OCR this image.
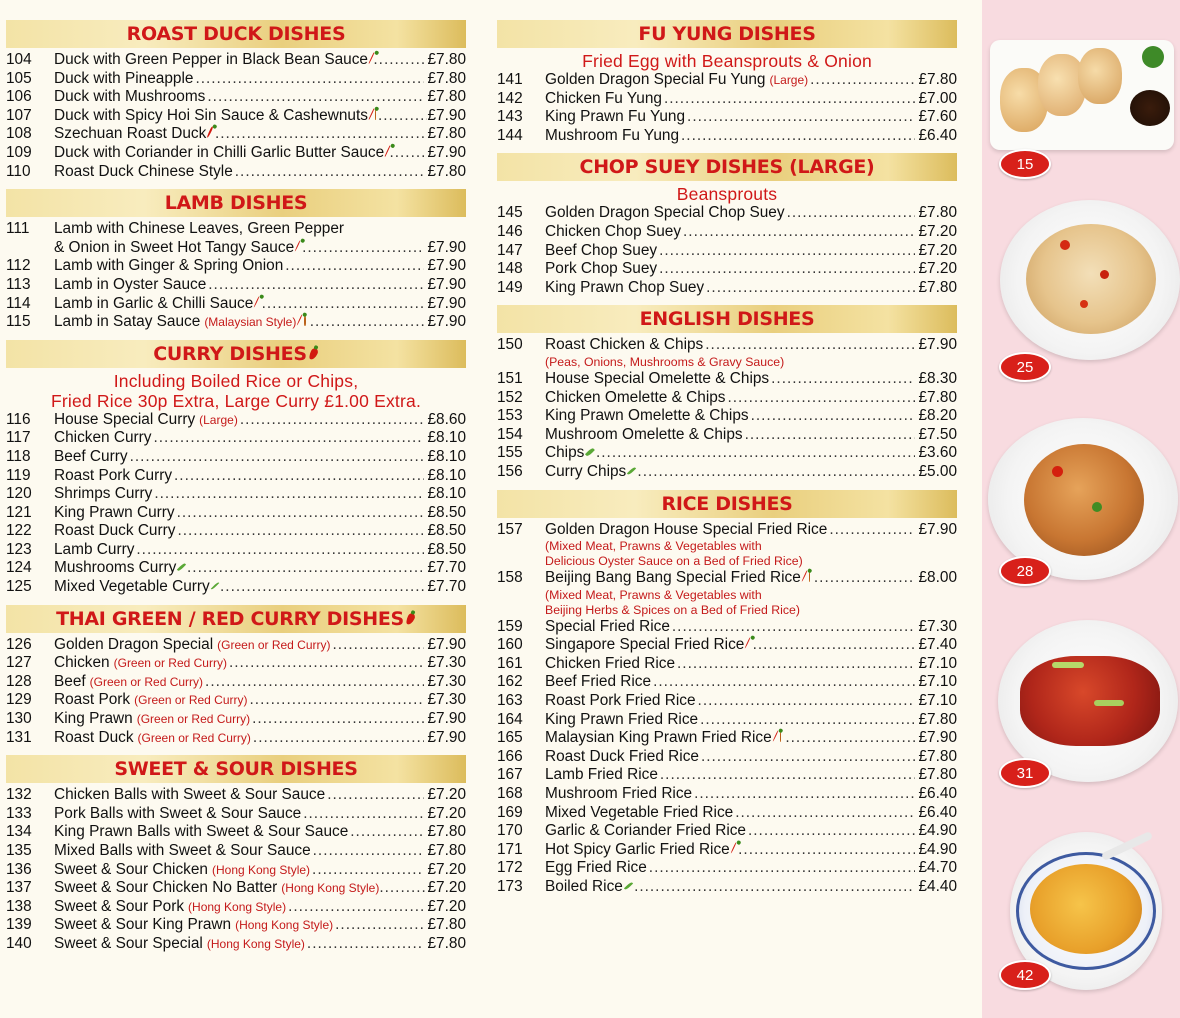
ROAST DUCK DISHES
104	Duck with Green Pepper in Black Bean Sauce .....	£7.80
105	Duck with Pineapple .....	£7.80
106	Duck with Mushrooms .....	£7.80
107	Duck with Spicy Hoi Sin Sauce & Cashewnuts .....	£7.90
108	Szechuan Roast Duck .....	£7.80
109	Duck with Coriander in Chilli Garlic Butter Sauce .....	£7.90
110	Roast Duck Chinese Style .....	£7.80
LAMB DISHES
111	Lamb with Chinese Leaves, Green Pepper
& Onion in Sweet Hot Tangy Sauce .....	£7.90
112	Lamb with Ginger & Spring Onion .....	£7.90
113	Lamb in Oyster Sauce .....	£7.90
114	Lamb in Garlic & Chilli Sauce .....	£7.90
115	Lamb in Satay Sauce (Malaysian Style) .....	£7.90
CURRY DISHES
Including Boiled Rice or Chips,
Fried Rice 30p Extra, Large Curry £1.00 Extra.
116	House Special Curry (Large) .....	£8.60
117	Chicken Curry .....	£8.10
118	Beef Curry .....	£8.10
119	Roast Pork Curry .....	£8.10
120	Shrimps Curry .....	£8.10
121	King Prawn Curry .....	£8.50
122	Roast Duck Curry .....	£8.50
123	Lamb Curry .....	£8.50
124	Mushrooms Curry .....	£7.70
125	Mixed Vegetable Curry .....	£7.70
THAI GREEN / RED CURRY DISHES
126	Golden Dragon Special (Green or Red Curry) .....	£7.90
127	Chicken (Green or Red Curry) .....	£7.30
128	Beef (Green or Red Curry) .....	£7.30
129	Roast Pork (Green or Red Curry) .....	£7.30
130	King Prawn (Green or Red Curry) .....	£7.90
131	Roast Duck (Green or Red Curry) .....	£7.90
SWEET & SOUR DISHES
132	Chicken Balls with Sweet & Sour Sauce .....	£7.20
133	Pork Balls with Sweet & Sour Sauce .....	£7.20
134	King Prawn Balls with Sweet & Sour Sauce .....	£7.80
135	Mixed Balls with Sweet & Sour Sauce .....	£7.80
136	Sweet & Sour Chicken (Hong Kong Style) .....	£7.20
137	Sweet & Sour Chicken No Batter (Hong Kong Style) .....	£7.20
138	Sweet & Sour Pork (Hong Kong Style) .....	£7.20
139	Sweet & Sour King Prawn (Hong Kong Style) .....	£7.80
140	Sweet & Sour Special (Hong Kong Style) .....	£7.80
FU YUNG DISHES
Fried Egg with Beansprouts & Onion
141	Golden Dragon Special Fu Yung (Large) .....	£7.80
142	Chicken Fu Yung .....	£7.00
143	King Prawn Fu Yung .....	£7.60
144	Mushroom Fu Yung .....	£6.40
CHOP SUEY DISHES (LARGE)
Beansprouts
145	Golden Dragon Special Chop Suey .....	£7.80
146	Chicken Chop Suey .....	£7.20
147	Beef Chop Suey .....	£7.20
148	Pork Chop Suey .....	£7.20
149	King Prawn Chop Suey .....	£7.80
ENGLISH DISHES
150	Roast Chicken & Chips .....	£7.90
(Peas, Onions, Mushrooms & Gravy Sauce)
151	House Special Omelette & Chips .....	£8.30
152	Chicken Omelette & Chips .....	£7.80
153	King Prawn Omelette & Chips .....	£8.20
154	Mushroom Omelette & Chips .....	£7.50
155	Chips .....	£3.60
156	Curry Chips .....	£5.00
RICE DISHES
157	Golden Dragon House Special Fried Rice .....	£7.90
(Mixed Meat, Prawns & Vegetables with
Delicious Oyster Sauce on a Bed of Fried Rice)
158	Beijing Bang Bang Special Fried Rice .....	£8.00
(Mixed Meat, Prawns & Vegetables with
Beijing Herbs & Spices on a Bed of Fried Rice)
159	Special Fried Rice .....	£7.30
160	Singapore Special Fried Rice .....	£7.40
161	Chicken Fried Rice .....	£7.10
162	Beef Fried Rice .....	£7.10
163	Roast Pork Fried Rice .....	£7.10
164	King Prawn Fried Rice .....	£7.80
165	Malaysian King Prawn Fried Rice .....	£7.90
166	Roast Duck Fried Rice .....	£7.80
167	Lamb Fried Rice .....	£7.80
168	Mushroom Fried Rice .....	£6.40
169	Mixed Vegetable Fried Rice .....	£6.40
170	Garlic & Coriander Fried Rice .....	£4.90
171	Hot Spicy Garlic Fried Rice .....	£4.90
172	Egg Fried Rice .....	£4.70
173	Boiled Rice .....	£4.40
15
25
28
31
42
